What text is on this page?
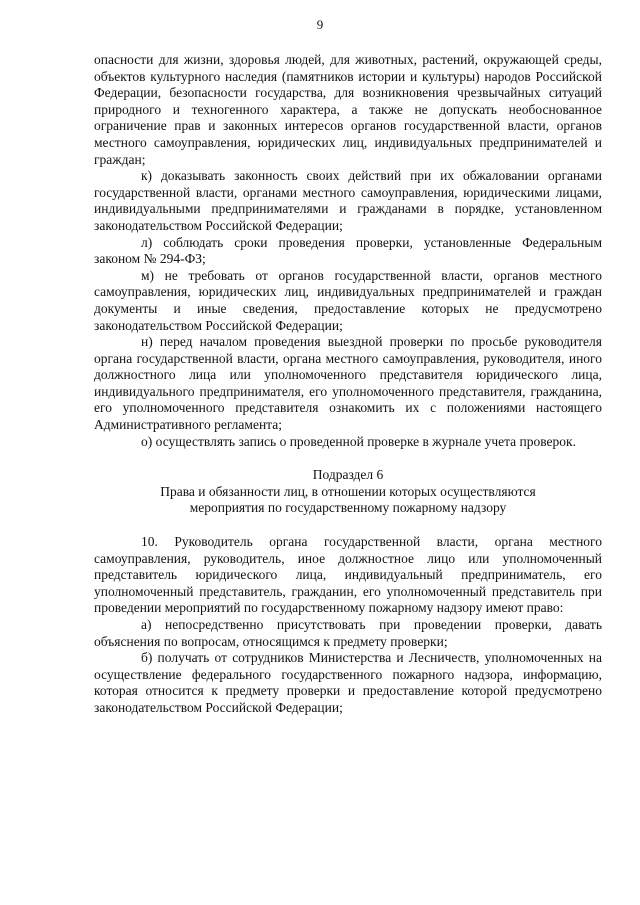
9

опасности для жизни, здоровья людей, для животных, растений, окружающей среды, объектов культурного наследия (памятников истории и культуры) народов Российской Федерации, безопасности государства, для возникновения чрезвычайных ситуаций природного и техногенного характера, а также не допускать необоснованное ограничение прав и законных интересов органов государственной власти, органов местного самоуправления, юридических лиц, индивидуальных предпринимателей и граждан;

к) доказывать законность своих действий при их обжаловании органами государственной власти, органами местного самоуправления, юридическими лицами, индивидуальными предпринимателями и гражданами в порядке, установленном законодательством Российской Федерации;

л) соблюдать сроки проведения проверки, установленные Федеральным законом № 294-ФЗ;

м) не требовать от органов государственной власти, органов местного самоуправления, юридических лиц, индивидуальных предпринимателей и граждан документы и иные сведения, предоставление которых не предусмотрено законодательством Российской Федерации;

н) перед началом проведения выездной проверки по просьбе руководителя органа государственной власти, органа местного самоуправления, руководителя, иного должностного лица или уполномоченного представителя юридического лица, индивидуального предпринимателя, его уполномоченного представителя, гражданина, его уполномоченного представителя ознакомить их с положениями настоящего Административного регламента;

о) осуществлять запись о проведенной проверке в журнале учета проверок.

Подраздел 6

Права и обязанности лиц, в отношении которых осуществляются

мероприятия по государственному пожарному надзору

10. Руководитель органа государственной власти, органа местного самоуправления, руководитель, иное должностное лицо или уполномоченный представитель юридического лица, индивидуальный предприниматель, его уполномоченный представитель, гражданин, его уполномоченный представитель при проведении мероприятий по государственному пожарному надзору имеют право:

а) непосредственно присутствовать при проведении проверки, давать объяснения по вопросам, относящимся к предмету проверки;

б) получать от сотрудников Министерства и Лесничеств, уполномоченных на осуществление федерального государственного пожарного надзора, информацию, которая относится к предмету проверки и предоставление которой предусмотрено законодательством Российской Федерации;
